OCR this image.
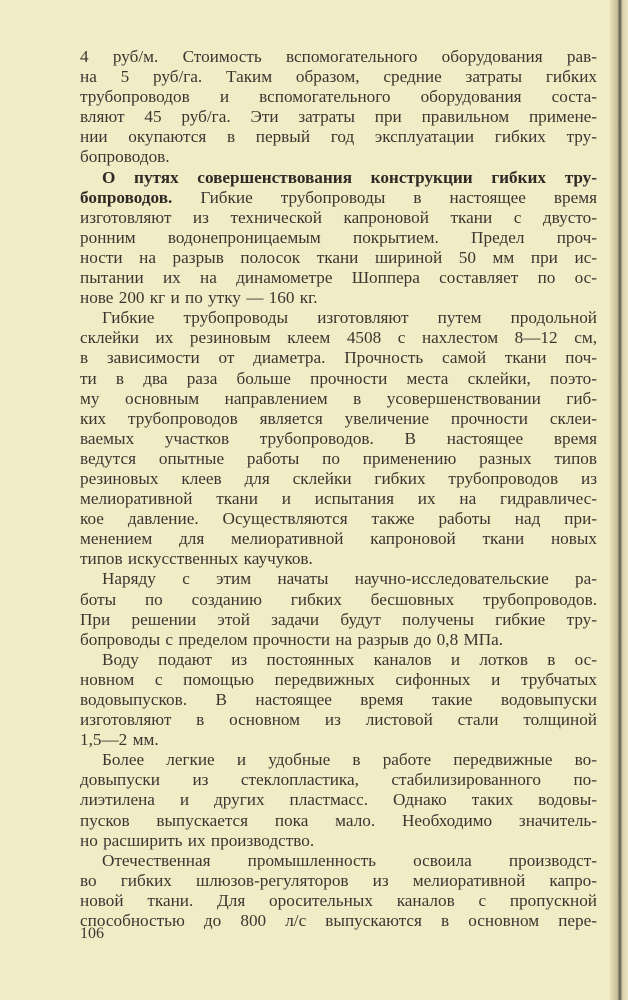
4 руб/м. Стоимость вспомогательного оборудования рав-
на 5 руб/га. Таким образом, средние затраты гибких
трубопроводов и вспомогательного оборудования соста-
вляют 45 руб/га. Эти затраты при правильном примене-
нии окупаются в первый год эксплуатации гибких тру-
бопроводов.
О путях совершенствования конструкции гибких тру-
бопроводов. Гибкие трубопроводы в настоящее время
изготовляют из технической капроновой ткани с двусто-
ронним водонепроницаемым покрытием. Предел проч-
ности на разрыв полосок ткани шириной 50 мм при ис-
пытании их на динамометре Шоппера составляет по ос-
нове 200 кг и по утку — 160 кг.
Гибкие трубопроводы изготовляют путем продольной
склейки их резиновым клеем 4508 с нахлестом 8—12 см,
в зависимости от диаметра. Прочность самой ткани поч-
ти в два раза больше прочности места склейки, поэто-
му основным направлением в усовершенствовании гиб-
ких трубопроводов является увеличение прочности склеи-
ваемых участков трубопроводов. В настоящее время
ведутся опытные работы по применению разных типов
резиновых клеев для склейки гибких трубопроводов из
мелиоративной ткани и испытания их на гидравличес-
кое давление. Осуществляются также работы над при-
менением для мелиоративной капроновой ткани новых
типов искусственных каучуков.
Наряду с этим начаты научно-исследовательские ра-
боты по созданию гибких бесшовных трубопроводов.
При решении этой задачи будут получены гибкие тру-
бопроводы с пределом прочности на разрыв до 0,8 МПа.
Воду подают из постоянных каналов и лотков в ос-
новном с помощью передвижных сифонных и трубчатых
водовыпусков. В настоящее время такие водовыпуски
изготовляют в основном из листовой стали толщиной
1,5—2 мм.
Более легкие и удобные в работе передвижные во-
довыпуски из стеклопластика, стабилизированного по-
лиэтилена и других пластмасс. Однако таких водовы-
пусков выпускается пока мало. Необходимо значитель-
но расширить их производство.
Отечественная промышленность освоила производст-
во гибких шлюзов-регуляторов из мелиоративной капро-
новой ткани. Для оросительных каналов с пропускной
способностью до 800 л/с выпускаются в основном пере-
106
